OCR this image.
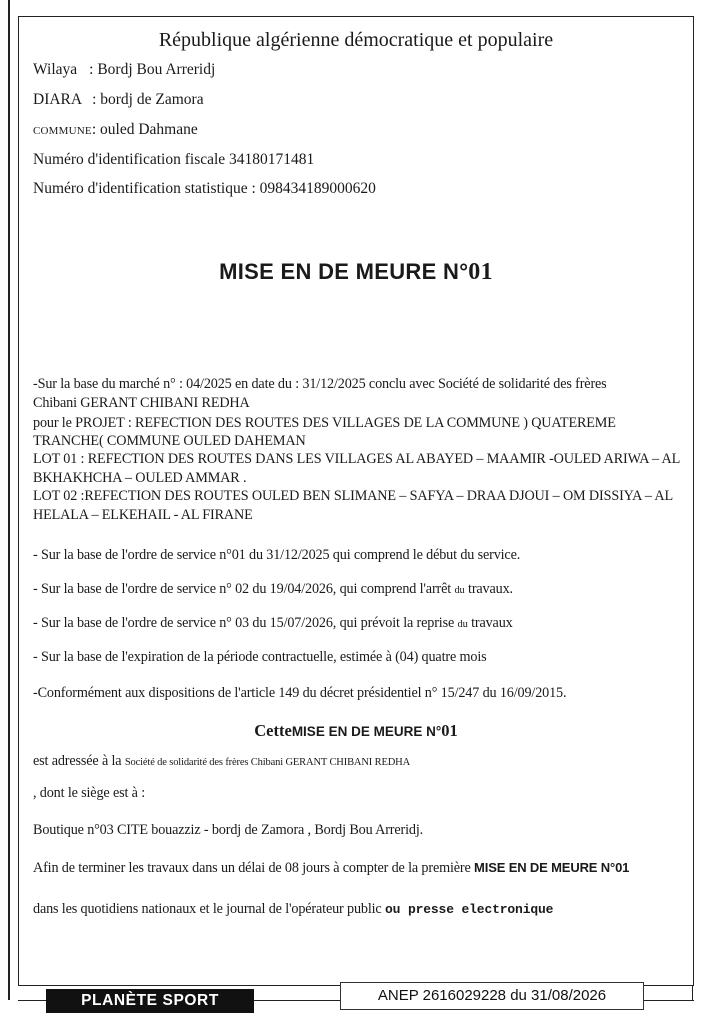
République algérienne démocratique et populaire
Wilaya : Bordj Bou Arreridj
DIARA : bordj de Zamora
COMMUNE: ouled Dahmane
Numéro d'identification fiscale 34180171481
Numéro d'identification statistique : 098434189000620
MISE EN DE MEURE N°01
-Sur la base du marché n° : 04/2025 en date du : 31/12/2025 conclu avec Société de solidarité des frères
Chibani GERANT CHIBANI REDHA
pour le PROJET : REFECTION DES ROUTES DES VILLAGES DE LA COMMUNE ) QUATEREME
TRANCHE( COMMUNE OULED DAHEMAN
LOT 01 : REFECTION DES ROUTES DANS LES VILLAGES AL ABAYED – MAAMIR -OULED ARIWA – AL
BKHAKHCHA – OULED AMMAR .
LOT 02 :REFECTION DES ROUTES OULED BEN SLIMANE – SAFYA – DRAA DJOUI – OM DISSIYA – AL
HELALA – ELKEHAIL - AL FIRANE
- Sur la base de l'ordre de service n°01 du 31/12/2025 qui comprend le début du service.
- Sur la base de l'ordre de service n° 02 du 19/04/2026, qui comprend l'arrêt du travaux.
- Sur la base de l'ordre de service n° 03 du 15/07/2026, qui prévoit la reprise du travaux
- Sur la base de l'expiration de la période contractuelle, estimée à (04) quatre mois
-Conformément aux dispositions de l'article 149 du décret présidentiel n° 15/247 du 16/09/2015.
CetteMISE EN DE MEURE N°01
est adressée à la Société de solidarité des frères Chibani GERANT CHIBANI REDHA
, dont le siège est à :
Boutique n°03 CITE bouazziz - bordj de Zamora , Bordj Bou Arreridj.
Afin de terminer les travaux dans un délai de 08 jours à compter de la première MISE EN DE MEURE N°01
dans les quotidiens nationaux et le journal de l'opérateur public ou presse electronique
PLANÈTE SPORT	ANEP 2616029228 du 31/08/2026
